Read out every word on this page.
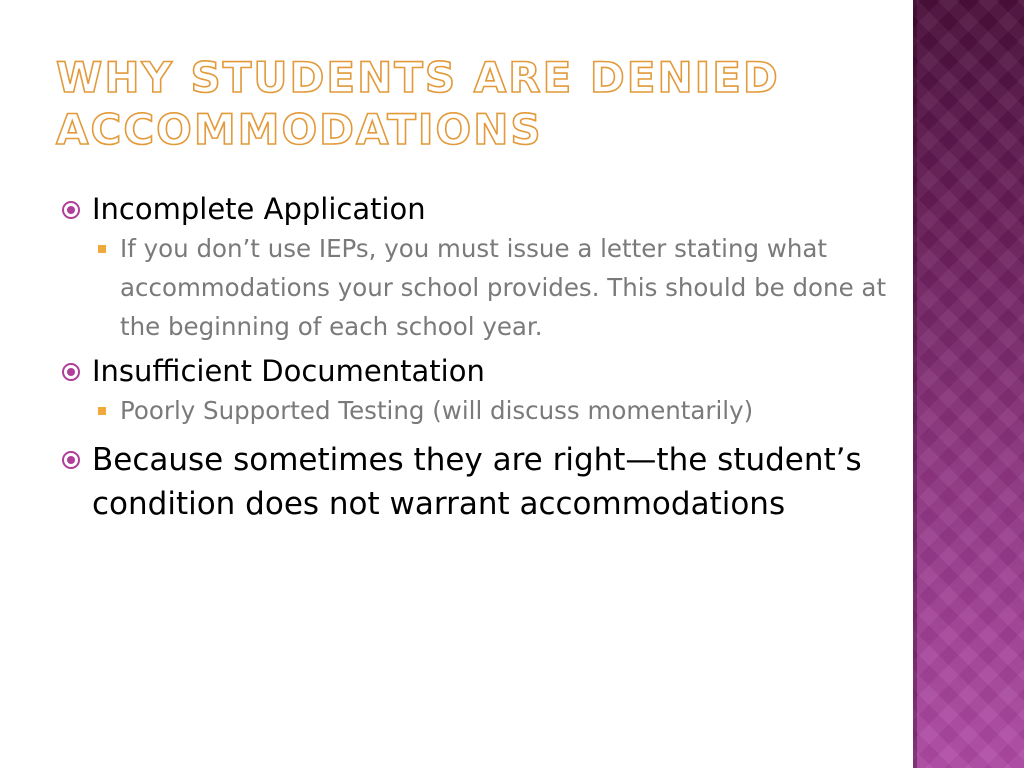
WHY STUDENTS ARE DENIED ACCOMMODATIONS
Incomplete Application
If you don’t use IEPs, you must issue a letter stating what accommodations your school provides. This should be done at the beginning of each school year.
Insufficient Documentation
Poorly Supported Testing (will discuss momentarily)
Because sometimes they are right—the student’s condition does not warrant accommodations
